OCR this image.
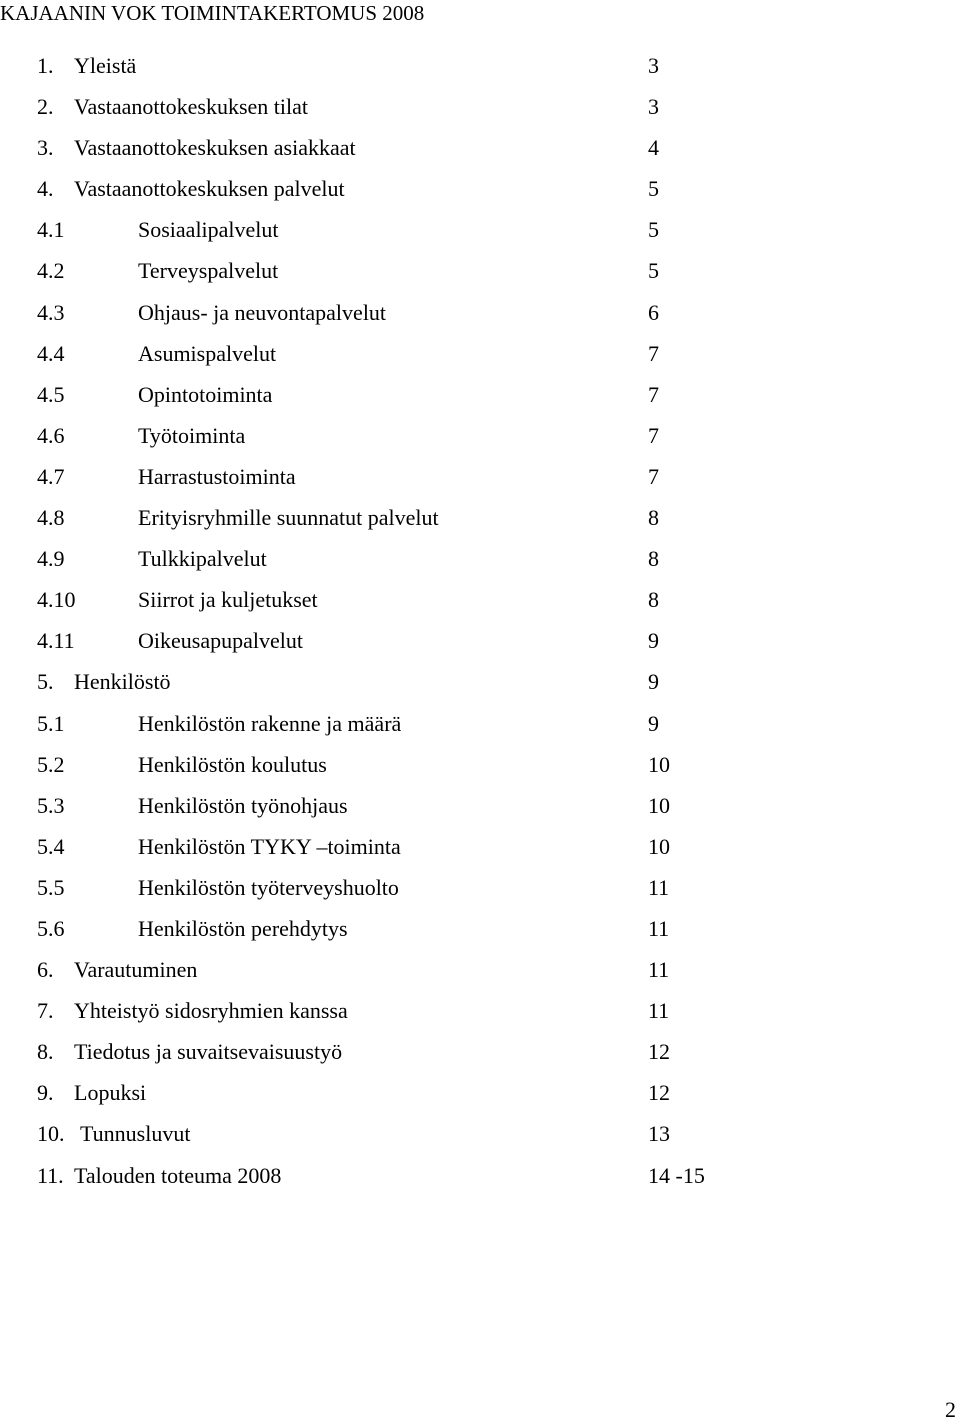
KAJAANIN VOK TOIMINTAKERTOMUS 2008
1. Yleistä	3
2. Vastaanottokeskuksen tilat	3
3. Vastaanottokeskuksen asiakkaat	4
4. Vastaanottokeskuksen palvelut	5
4.1	Sosiaalipalvelut	5
4.2	Terveyspalvelut	5
4.3	Ohjaus- ja neuvontapalvelut	6
4.4	Asumispalvelut	7
4.5	Opintotoiminta	7
4.6	Työtoiminta	7
4.7	Harrastustoiminta	7
4.8	Erityisryhmille suunnatut palvelut	8
4.9	Tulkkipalvelut	8
4.10	Siirrot ja kuljetukset	8
4.11	Oikeusapupalvelut	9
5. Henkilöstö	9
5.1	Henkilöstön rakenne ja määrä	9
5.2	Henkilöstön koulutus	10
5.3	Henkilöstön työnohjaus	10
5.4	Henkilöstön TYKY –toiminta	10
5.5	Henkilöstön työterveyshuolto	11
5.6	Henkilöstön perehdytys	11
6. Varautuminen	11
7. Yhteistyö sidosryhmien kanssa	11
8. Tiedotus ja suvaitsevaisuustyö	12
9. Lopuksi	12
10. Tunnusluvut	13
11. Talouden toteuma 2008	14 -15
2
